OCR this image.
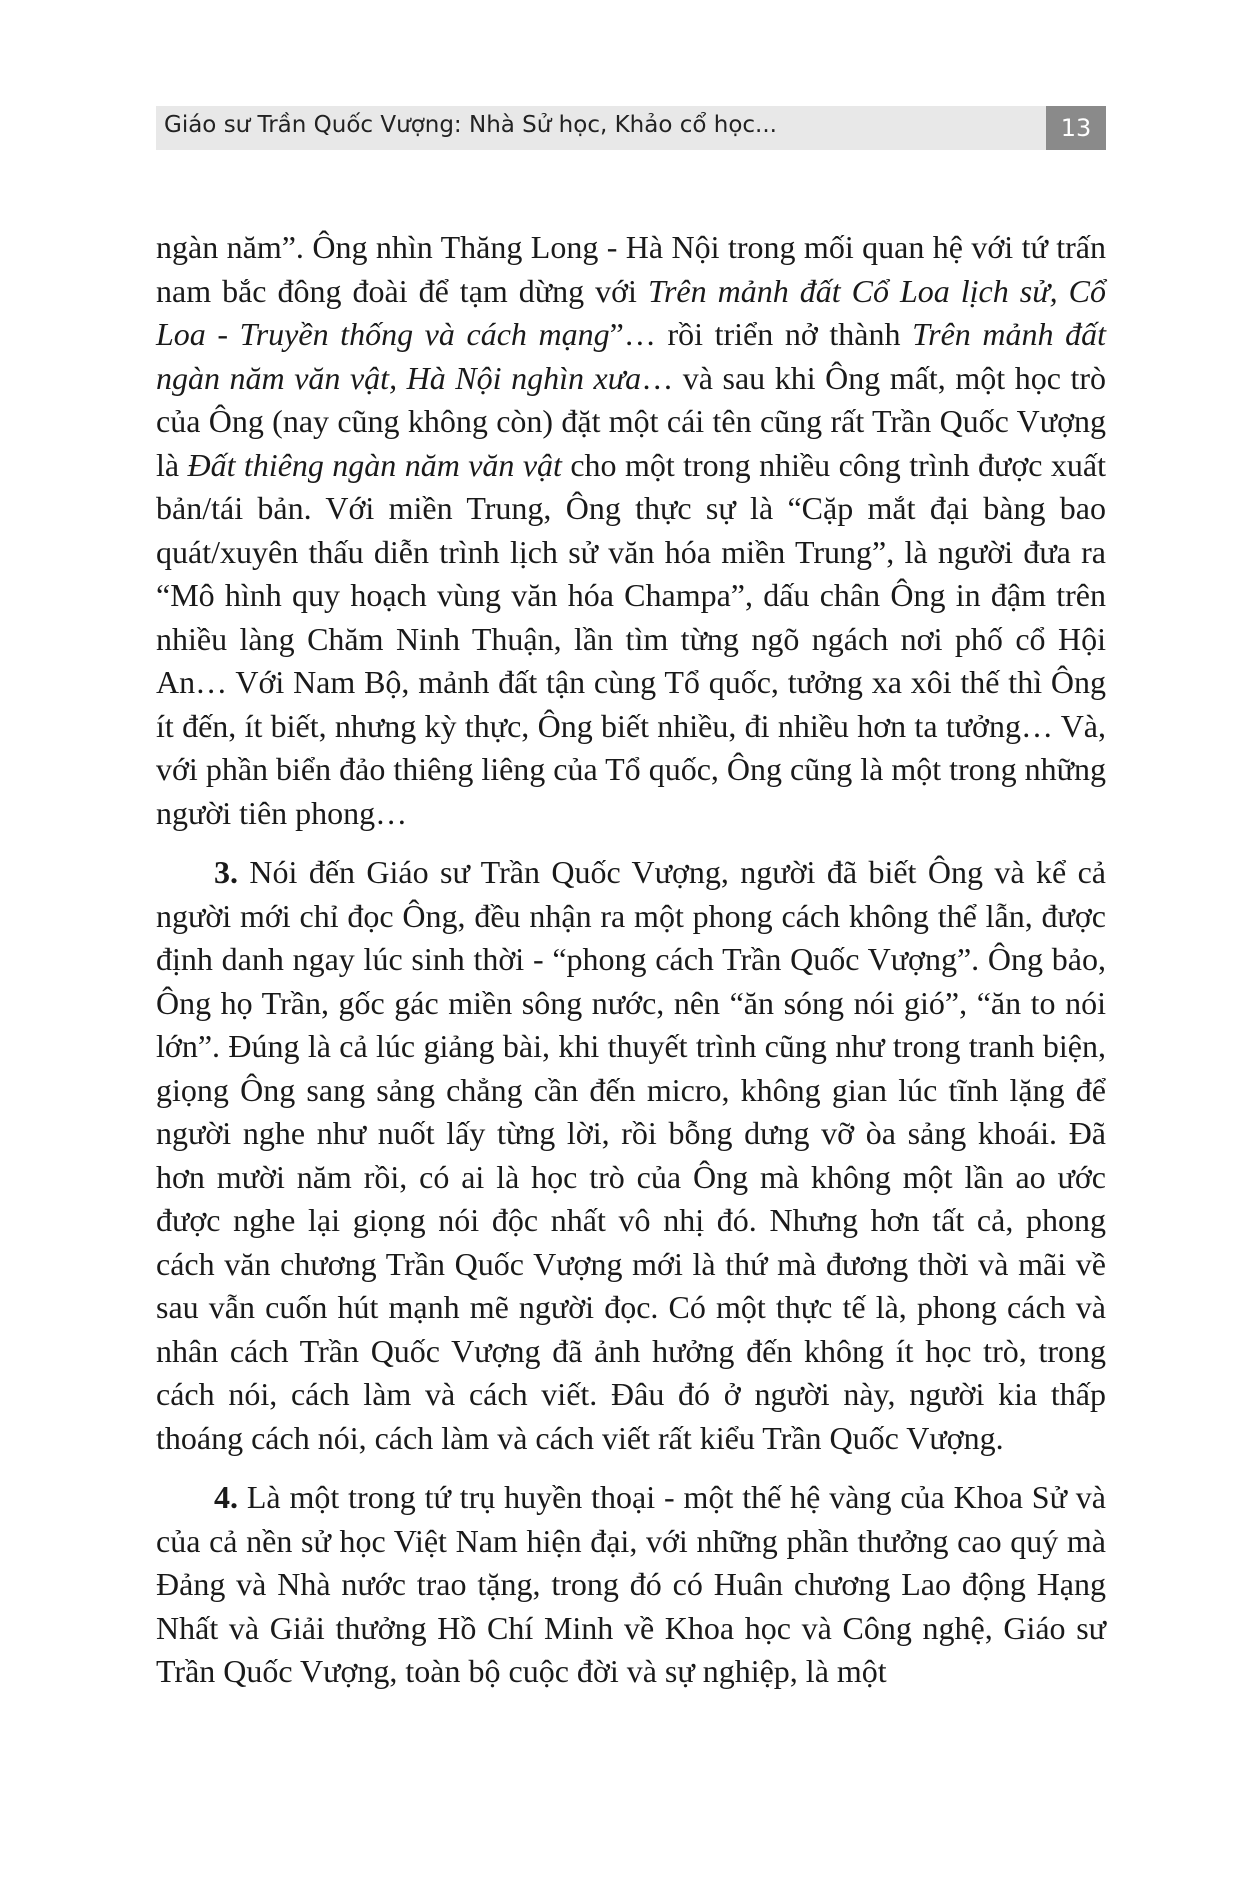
Giáo sư Trần Quốc Vượng: Nhà Sử học, Khảo cổ học...	13

ngàn năm”. Ông nhìn Thăng Long - Hà Nội trong mối quan hệ với tứ trấn nam bắc đông đoài để tạm dừng với Trên mảnh đất Cổ Loa lịch sử, Cổ Loa - Truyền thống và cách mạng”… rồi triển nở thành Trên mảnh đất ngàn năm văn vật, Hà Nội nghìn xưa… và sau khi Ông mất, một học trò của Ông (nay cũng không còn) đặt một cái tên cũng rất Trần Quốc Vượng là Đất thiêng ngàn năm văn vật cho một trong nhiều công trình được xuất bản/tái bản. Với miền Trung, Ông thực sự là “Cặp mắt đại bàng bao quát/xuyên thấu diễn trình lịch sử văn hóa miền Trung”, là người đưa ra “Mô hình quy hoạch vùng văn hóa Champa”, dấu chân Ông in đậm trên nhiều làng Chăm Ninh Thuận, lần tìm từng ngõ ngách nơi phố cổ Hội An… Với Nam Bộ, mảnh đất tận cùng Tổ quốc, tưởng xa xôi thế thì Ông ít đến, ít biết, nhưng kỳ thực, Ông biết nhiều, đi nhiều hơn ta tưởng… Và, với phần biển đảo thiêng liêng của Tổ quốc, Ông cũng là một trong những người tiên phong…

3. Nói đến Giáo sư Trần Quốc Vượng, người đã biết Ông và kể cả người mới chỉ đọc Ông, đều nhận ra một phong cách không thể lẫn, được định danh ngay lúc sinh thời - “phong cách Trần Quốc Vượng”. Ông bảo, Ông họ Trần, gốc gác miền sông nước, nên “ăn sóng nói gió”, “ăn to nói lớn”. Đúng là cả lúc giảng bài, khi thuyết trình cũng như trong tranh biện, giọng Ông sang sảng chẳng cần đến micro, không gian lúc tĩnh lặng để người nghe như nuốt lấy từng lời, rồi bỗng dưng vỡ òa sảng khoái. Đã hơn mười năm rồi, có ai là học trò của Ông mà không một lần ao ước được nghe lại giọng nói độc nhất vô nhị đó. Nhưng hơn tất cả, phong cách văn chương Trần Quốc Vượng mới là thứ mà đương thời và mãi về sau vẫn cuốn hút mạnh mẽ người đọc. Có một thực tế là, phong cách và nhân cách Trần Quốc Vượng đã ảnh hưởng đến không ít học trò, trong cách nói, cách làm và cách viết. Đâu đó ở người này, người kia thấp thoáng cách nói, cách làm và cách viết rất kiểu Trần Quốc Vượng.

4. Là một trong tứ trụ huyền thoại - một thế hệ vàng của Khoa Sử và của cả nền sử học Việt Nam hiện đại, với những phần thưởng cao quý mà Đảng và Nhà nước trao tặng, trong đó có Huân chương Lao động Hạng Nhất và Giải thưởng Hồ Chí Minh về Khoa học và Công nghệ, Giáo sư Trần Quốc Vượng, toàn bộ cuộc đời và sự nghiệp, là một
